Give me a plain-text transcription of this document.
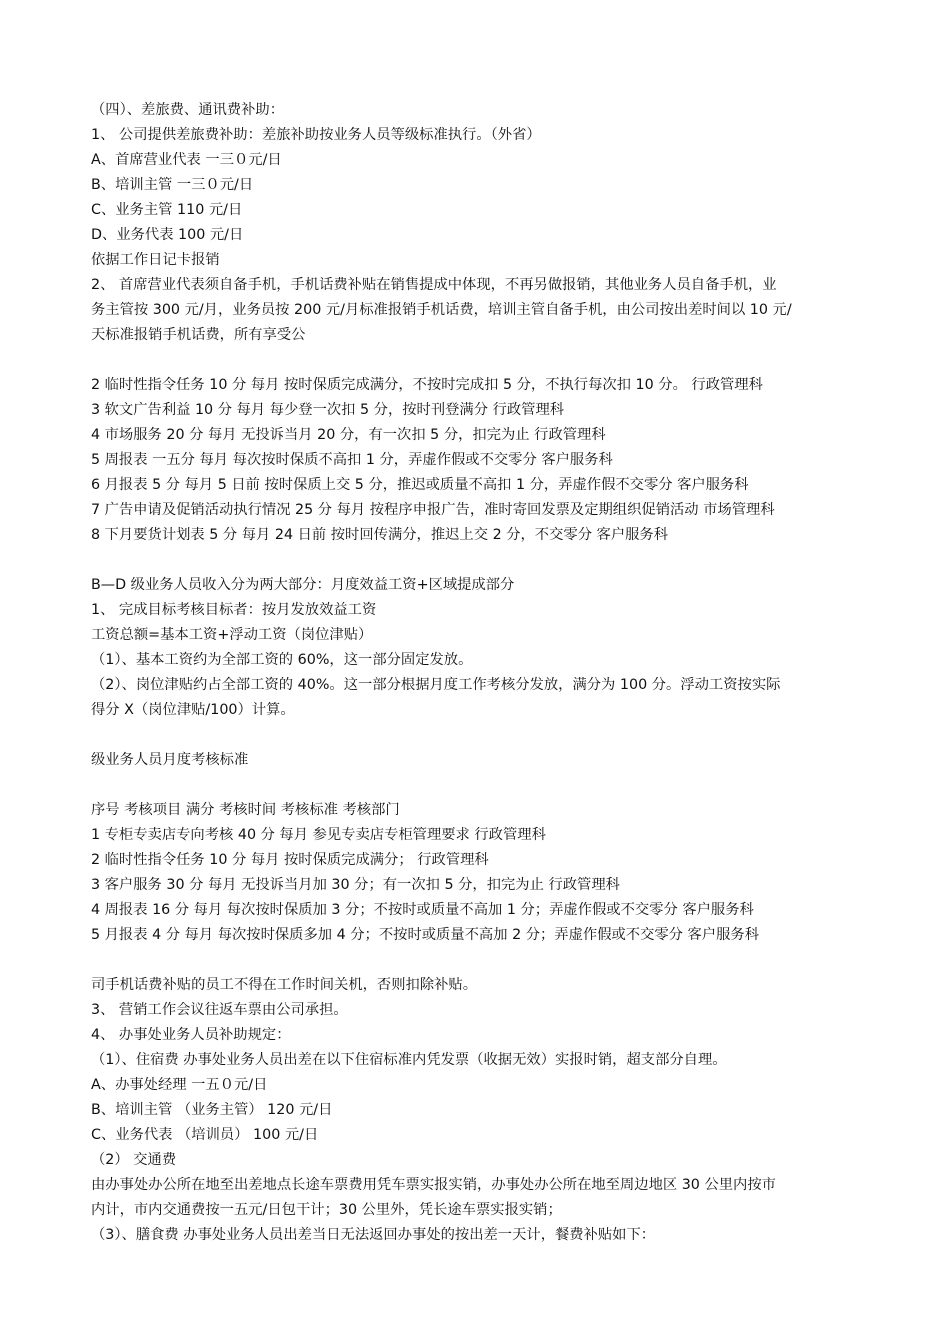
（四）、差旅费、通讯费补助：
1、 公司提供差旅费补助：差旅补助按业务人员等级标准执行。（外省）
A、首席营业代表 一三０元/日
B、培训主管 一三０元/日
C、业务主管 110 元/日
D、业务代表 100 元/日
依据工作日记卡报销
2、 首席营业代表须自备手机，手机话费补贴在销售提成中体现，不再另做报销，其他业务人员自备手机，业
务主管按 300 元/月，业务员按 200 元/月标准报销手机话费，培训主管自备手机，由公司按出差时间以 10 元/
天标准报销手机话费，所有享受公
2 临时性指令任务 10 分 每月 按时保质完成满分，不按时完成扣 5 分，不执行每次扣 10 分。 行政管理科
3 软文广告利益 10 分 每月 每少登一次扣 5 分，按时刊登满分 行政管理科
4 市场服务 20 分 每月 无投诉当月 20 分，有一次扣 5 分，扣完为止 行政管理科
5 周报表 一五分 每月 每次按时保质不高扣 1 分，弄虚作假或不交零分 客户服务科
6 月报表 5 分 每月 5 日前 按时保质上交 5 分，推迟或质量不高扣 1 分，弄虚作假不交零分 客户服务科
7 广告申请及促销活动执行情况 25 分 每月 按程序申报广告，准时寄回发票及定期组织促销活动 市场管理科
8 下月要货计划表 5 分 每月 24 日前 按时回传满分，推迟上交 2 分，不交零分 客户服务科
B—D 级业务人员收入分为两大部分：月度效益工资+区域提成部分
1、 完成目标考核目标者：按月发放效益工资
工资总额=基本工资+浮动工资（岗位津贴）
（1）、基本工资约为全部工资的 60%，这一部分固定发放。
（2）、岗位津贴约占全部工资的 40%。这一部分根据月度工作考核分发放，满分为 100 分。浮动工资按实际
得分 X（岗位津贴/100）计算。
级业务人员月度考核标准
序号 考核项目 满分 考核时间 考核标准 考核部门
1 专柜专卖店专向考核 40 分 每月 参见专卖店专柜管理要求 行政管理科
2 临时性指令任务 10 分 每月 按时保质完成满分； 行政管理科
3 客户服务 30 分 每月 无投诉当月加 30 分；有一次扣 5 分，扣完为止 行政管理科
4 周报表 16 分 每月 每次按时保质加 3 分；不按时或质量不高加 1 分；弄虚作假或不交零分 客户服务科
5 月报表 4 分 每月 每次按时保质多加 4 分；不按时或质量不高加 2 分；弄虚作假或不交零分 客户服务科
司手机话费补贴的员工不得在工作时间关机，否则扣除补贴。
3、 营销工作会议往返车票由公司承担。
4、 办事处业务人员补助规定：
（1）、住宿费 办事处业务人员出差在以下住宿标准内凭发票（收据无效）实报时销，超支部分自理。
A、办事处经理 一五０元/日
B、培训主管 （业务主管） 120 元/日
C、业务代表 （培训员） 100 元/日
（2） 交通费
由办事处办公所在地至出差地点长途车票费用凭车票实报实销，办事处办公所在地至周边地区 30 公里内按市
内计，市内交通费按一五元/日包干计；30 公里外，凭长途车票实报实销；
（3）、膳食费 办事处业务人员出差当日无法返回办事处的按出差一天计，餐费补贴如下：
